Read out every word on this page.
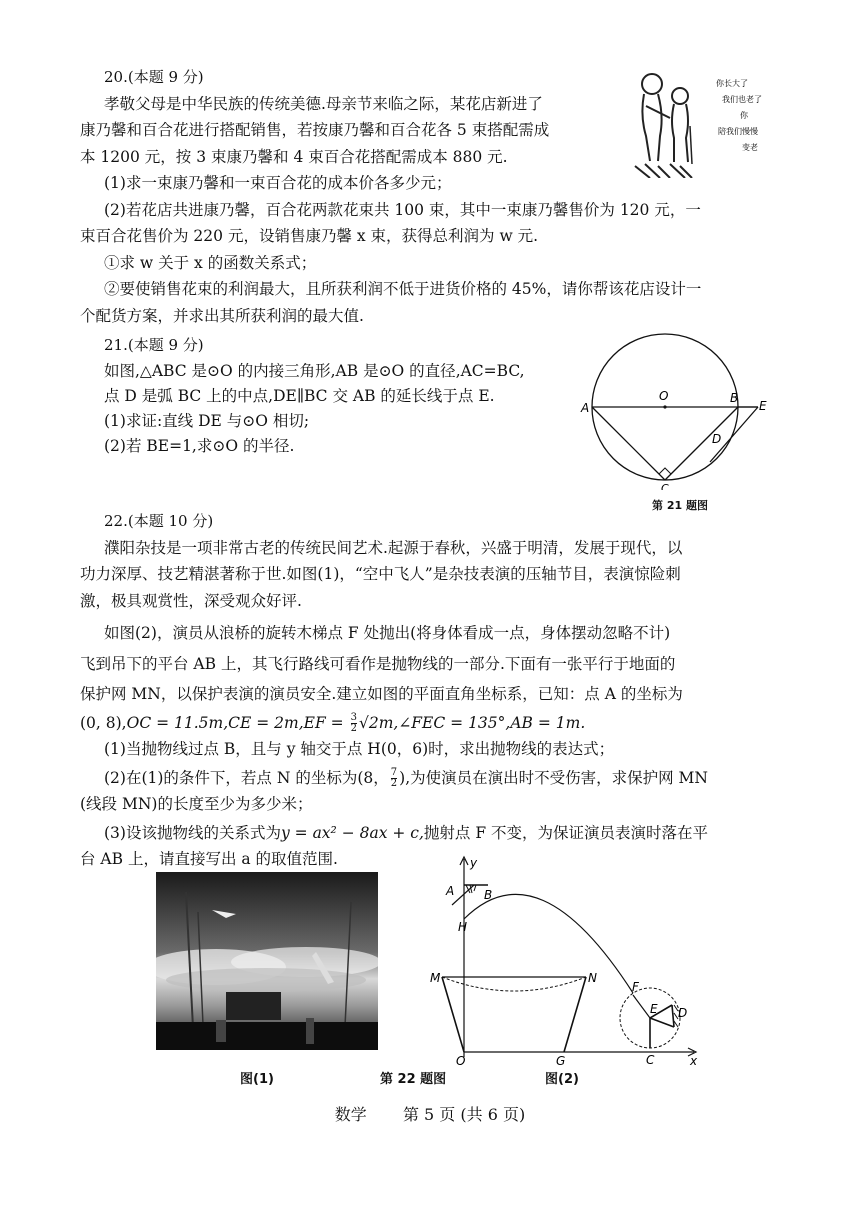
20.(本题 9 分)
孝敬父母是中华民族的传统美德.母亲节来临之际，某花店新进了
康乃馨和百合花进行搭配销售，若按康乃馨和百合花各 5 束搭配需成
本 1200 元，按 3 束康乃馨和 4 束百合花搭配需成本 880 元.
(1)求一束康乃馨和一束百合花的成本价各多少元；
(2)若花店共进康乃馨，百合花两款花束共 100 束，其中一束康乃馨售价为 120 元，一
束百合花售价为 220 元，设销售康乃馨 x 束，获得总利润为 w 元.
①求 w 关于 x 的函数关系式；
②要使销售花束的利润最大，且所获利润不低于进货价格的 45%，请你帮该花店设计一
个配货方案，并求出其所获利润的最大值.
你长大了
我们也老了
你
陪我们慢慢
变老
21.(本题 9 分)
如图,△ABC 是⊙O 的内接三角形,AB 是⊙O 的直径,AC=BC,
点 D 是弧 BC 上的中点,DE∥BC 交 AB 的延长线于点 E.
(1)求证:直线 DE 与⊙O 相切;
(2)若 BE=1,求⊙O 的半径.
A
O	B
E
C
D
第 21 题图
22.(本题 10 分)
濮阳杂技是一项非常古老的传统民间艺术.起源于春秋，兴盛于明清，发展于现代，以
功力深厚、技艺精湛著称于世.如图(1)，“空中飞人”是杂技表演的压轴节目，表演惊险刺
激，极具观赏性，深受观众好评.
如图(2)，演员从浪桥的旋转木梯点 F 处抛出(将身体看成一点，身体摆动忽略不计)
飞到吊下的平台 AB 上，其飞行路线可看作是抛物线的一部分.下面有一张平行于地面的
保护网 MN，以保护表演的演员安全.建立如图的平面直角坐标系，已知：点 A 的坐标为
(0, $8),OC = 11.5m,CE = 2m,EF = \frac{3}{2}$ √2m,∠FEC = 135°,AB = 1m.
(1)当抛物线过点 B，且与 y 轴交于点 H(0，6)时，求出抛物线的表达式；
(2)在(1)的条件下，若点 N 的坐标为(8， $\frac{7}{2}$ ),为使演员在演出时不受伤害，求保护网 MN
(线段 MN)的长度至少为多少米；
(3)设该抛物线的关系式为y = ax² − 8ax + c,抛射点 F 不变，为保证演员表演时落在平
台 AB 上，请直接写出 a 的取值范围.	y
x
A B
H
M	N
O	G
F
E D
C
图(1)	第 22 题图	图(2)
数学 第 5 页 (共 6 页)
